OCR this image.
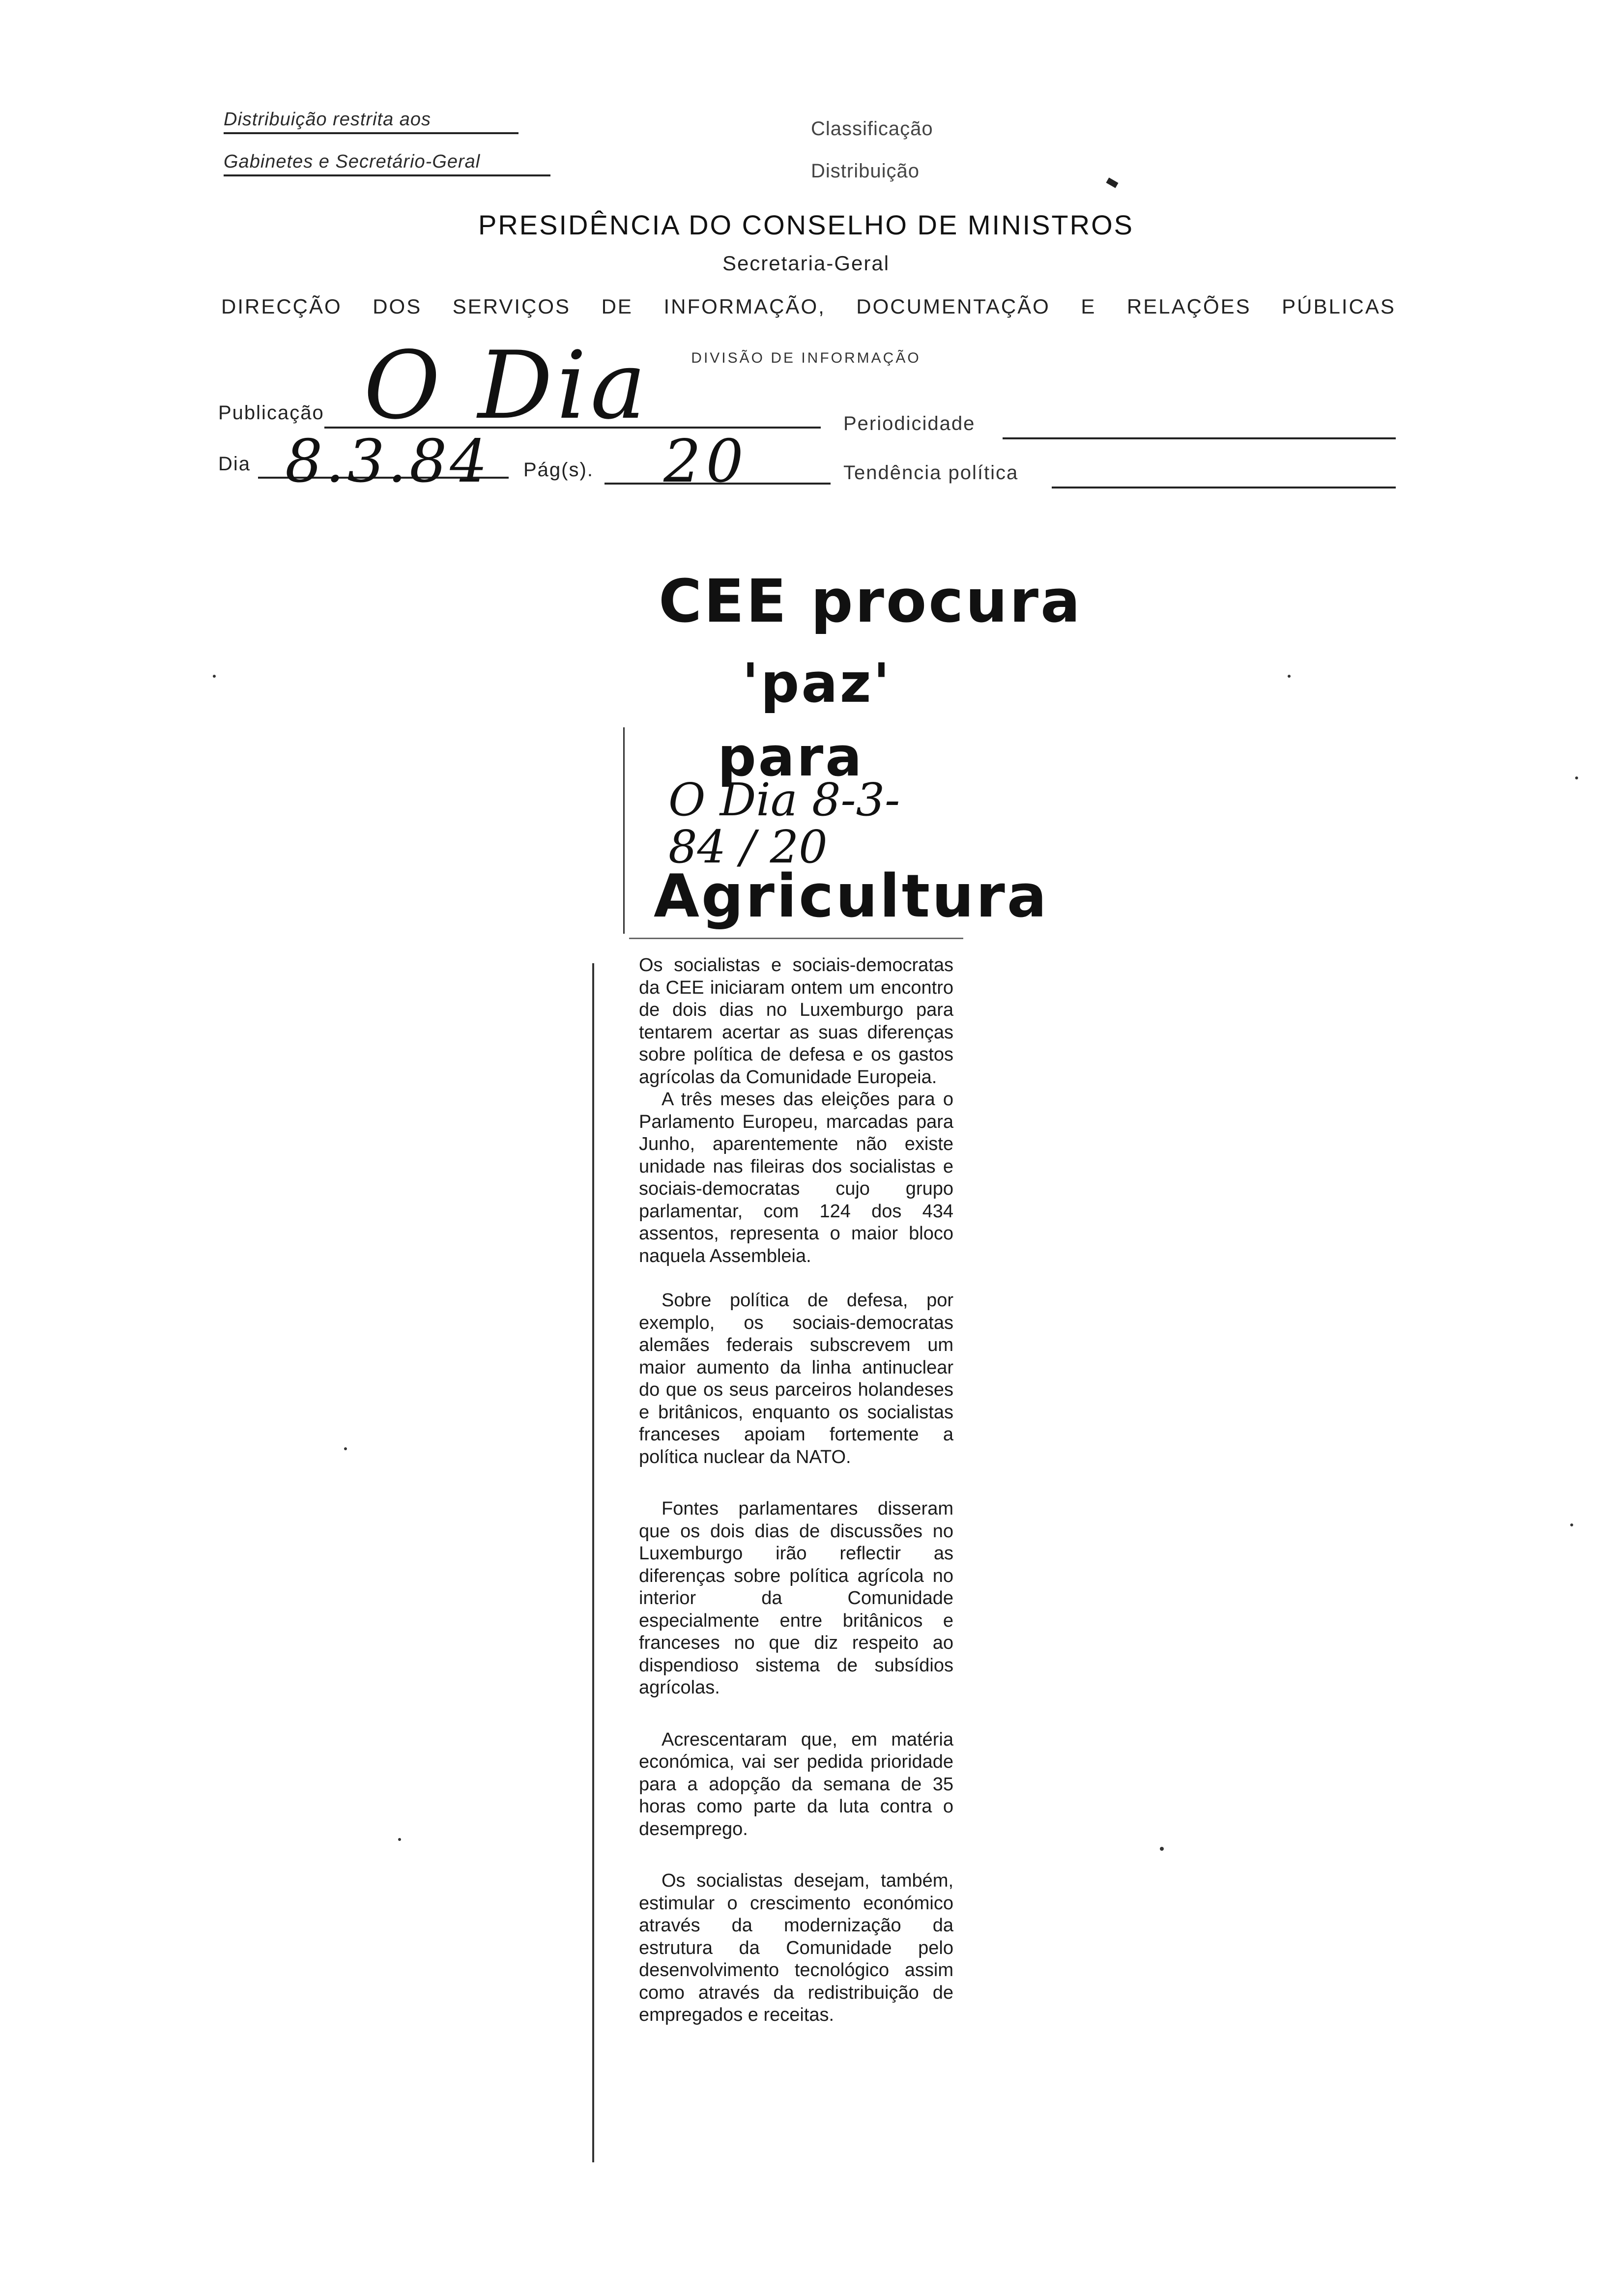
Distribuição restrita aos
Gabinetes e Secretário-Geral
Classificação
Distribuição
PRESIDÊNCIA DO CONSELHO DE MINISTROS
Secretaria-Geral
DIRECÇÃO DOS SERVIÇOS DE INFORMAÇÃO, DOCUMENTAÇÃO E RELAÇÕES PÚBLICAS
DIVISÃO DE INFORMAÇÃO
Publicação O Dia	Periodicidade
Dia 8.3.84 Pág(s). 20	Tendência política
CEE procura
'paz'
para
O Dia 8-3-84 / 20
Agricultura

Os socialistas e sociais-democratas da CEE iniciaram ontem um encontro de dois dias no Luxemburgo para tentarem acertar as suas diferenças sobre política de defesa e os gastos agrícolas da Comunidade Europeia.

A três meses das eleições para o Parlamento Europeu, marcadas para Junho, aparentemente não existe unidade nas fileiras dos socialistas e sociais-democratas cujo grupo parlamentar, com 124 dos 434 assentos, representa o maior bloco naquela Assembleia.

Sobre política de defesa, por exemplo, os sociais-democratas alemães federais subscrevem um maior aumento da linha antinuclear do que os seus parceiros holandeses e britânicos, enquanto os socialistas franceses apoiam fortemente a política nuclear da NATO.

Fontes parlamentares disseram que os dois dias de discussões no Luxemburgo irão reflectir as diferenças sobre política agrícola no interior da Comunidade especialmente entre britânicos e franceses no que diz respeito ao dispendioso sistema de subsídios agrícolas.

Acrescentaram que, em matéria económica, vai ser pedida prioridade para a adopção da semana de 35 horas como parte da luta contra o desemprego.

Os socialistas desejam, também, estimular o crescimento económico através da modernização da estrutura da Comunidade pelo desenvolvimento tecnológico assim como através da redistribuição de empregados e receitas.
